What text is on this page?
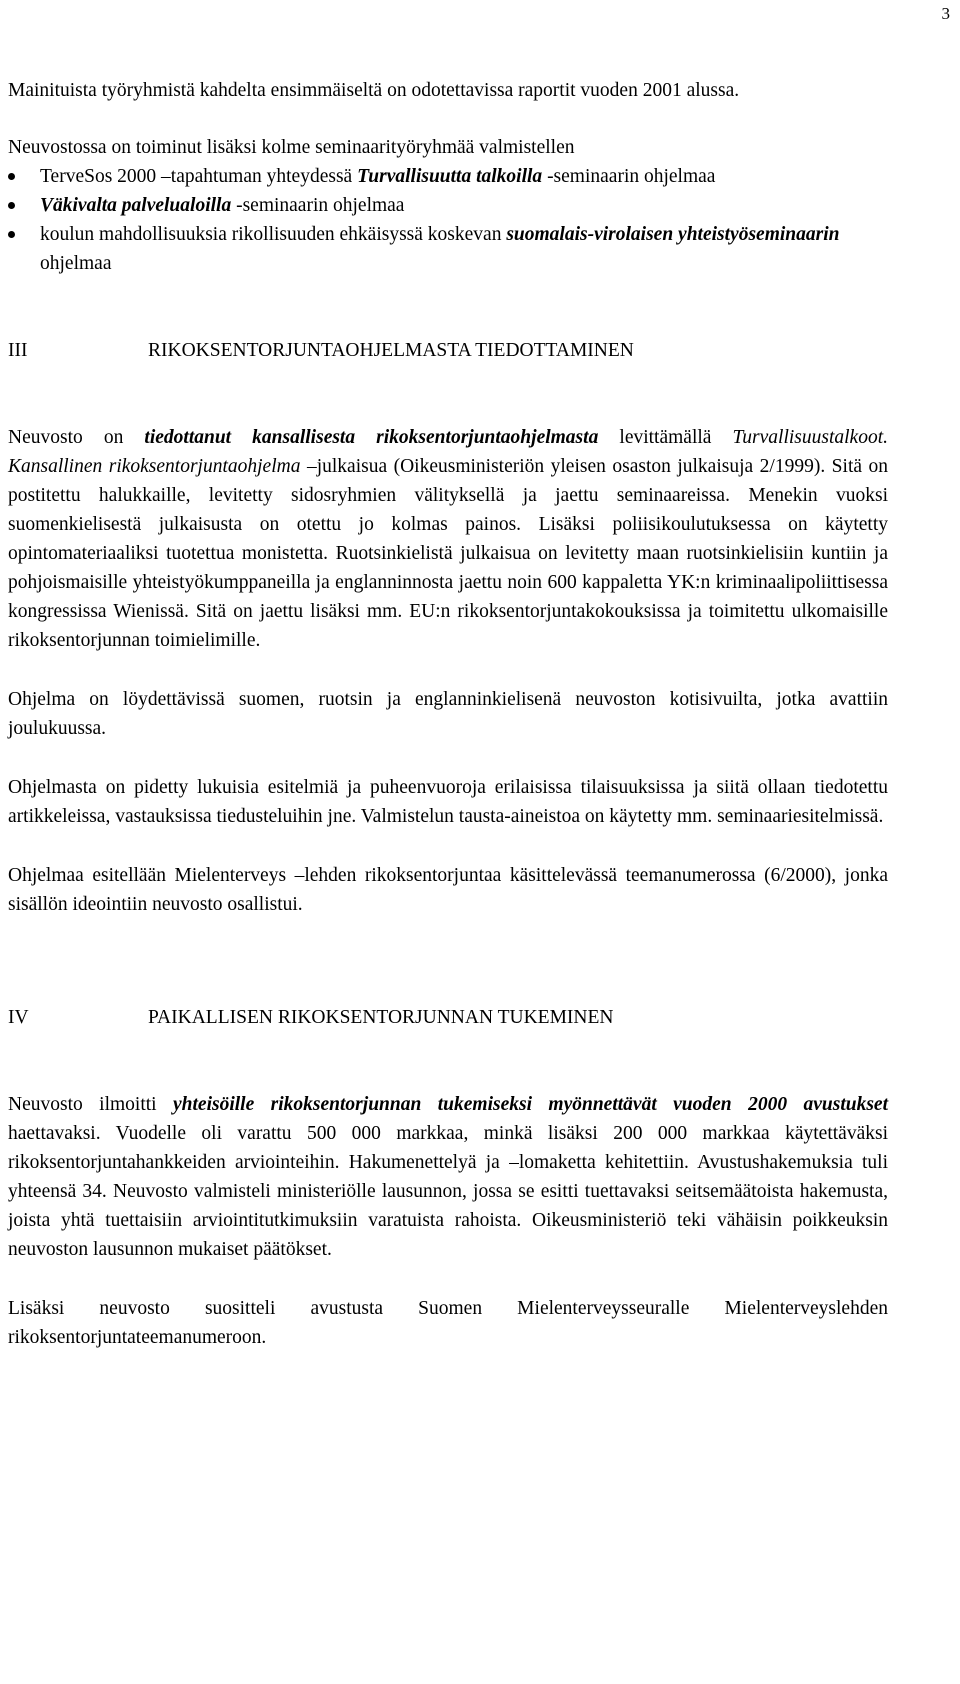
3

Mainituista työryhmistä kahdelta ensimmäiseltä on odotettavissa raportit vuoden 2001 alussa.

Neuvostossa on toiminut lisäksi kolme seminaarityöryhmää valmistellen

TerveSos 2000 –tapahtuman yhteydessä Turvallisuutta talkoilla -seminaarin ohjelmaa
Väkivalta palvelualoilla -seminaarin ohjelmaa
koulun mahdollisuuksia rikollisuuden ehkäisyssä koskevan suomalais-virolaisen yhteistyöseminaarin ohjelmaa
III	RIKOKSENTORJUNTAOHJELMASTA TIEDOTTAMINEN

Neuvosto on tiedottanut kansallisesta rikoksentorjuntaohjelmasta levittämällä Turvallisuustalkoot. Kansallinen rikoksentorjuntaohjelma –julkaisua (Oikeusministeriön yleisen osaston julkaisuja 2/1999). Sitä on postitettu halukkaille, levitetty sidosryhmien välityksellä ja jaettu seminaareissa. Menekin vuoksi suomenkielisestä julkaisusta on otettu jo kolmas painos. Lisäksi poliisikoulutuksessa on käytetty opintomateriaaliksi tuotettua monistetta. Ruotsinkielistä julkaisua on levitetty maan ruotsinkielisiin kuntiin ja pohjoismaisille yhteistyökumppaneilla ja englanninnosta jaettu noin 600 kappaletta YK:n kriminaalipoliittisessa kongressissa Wienissä. Sitä on jaettu lisäksi mm. EU:n rikoksentorjuntakokouksissa ja toimitettu ulkomaisille rikoksentorjunnan toimielimille.

Ohjelma on löydettävissä suomen, ruotsin ja englanninkielisenä neuvoston kotisivuilta, jotka avattiin joulukuussa.

Ohjelmasta on pidetty lukuisia esitelmiä ja puheenvuoroja erilaisissa tilaisuuksissa ja siitä ollaan tiedotettu artikkeleissa, vastauksissa tiedusteluihin jne. Valmistelun tausta-aineistoa on käytetty mm. seminaariesitelmissä.

Ohjelmaa esitellään Mielenterveys –lehden rikoksentorjuntaa käsittelevässä teemanumerossa (6/2000), jonka sisällön ideointiin neuvosto osallistui.

IV	PAIKALLISEN RIKOKSENTORJUNNAN TUKEMINEN

Neuvosto ilmoitti yhteisöille rikoksentorjunnan tukemiseksi myönnettävät vuoden 2000 avustukset haettavaksi. Vuodelle oli varattu 500 000 markkaa, minkä lisäksi 200 000 markkaa käytettäväksi rikoksentorjuntahankkeiden arviointeihin. Hakumenettelyä ja –lomaketta kehitettiin. Avustushakemuksia tuli yhteensä 34. Neuvosto valmisteli ministeriölle lausunnon, jossa se esitti tuettavaksi seitsemäätoista hakemusta, joista yhtä tuettaisiin arviointitutkimuksiin varatuista rahoista. Oikeusministeriö teki vähäisin poikkeuksin neuvoston lausunnon mukaiset päätökset.

Lisäksi neuvosto suositteli avustusta Suomen Mielenterveysseuralle Mielenterveyslehden rikoksentorjuntateemanumeroon.
